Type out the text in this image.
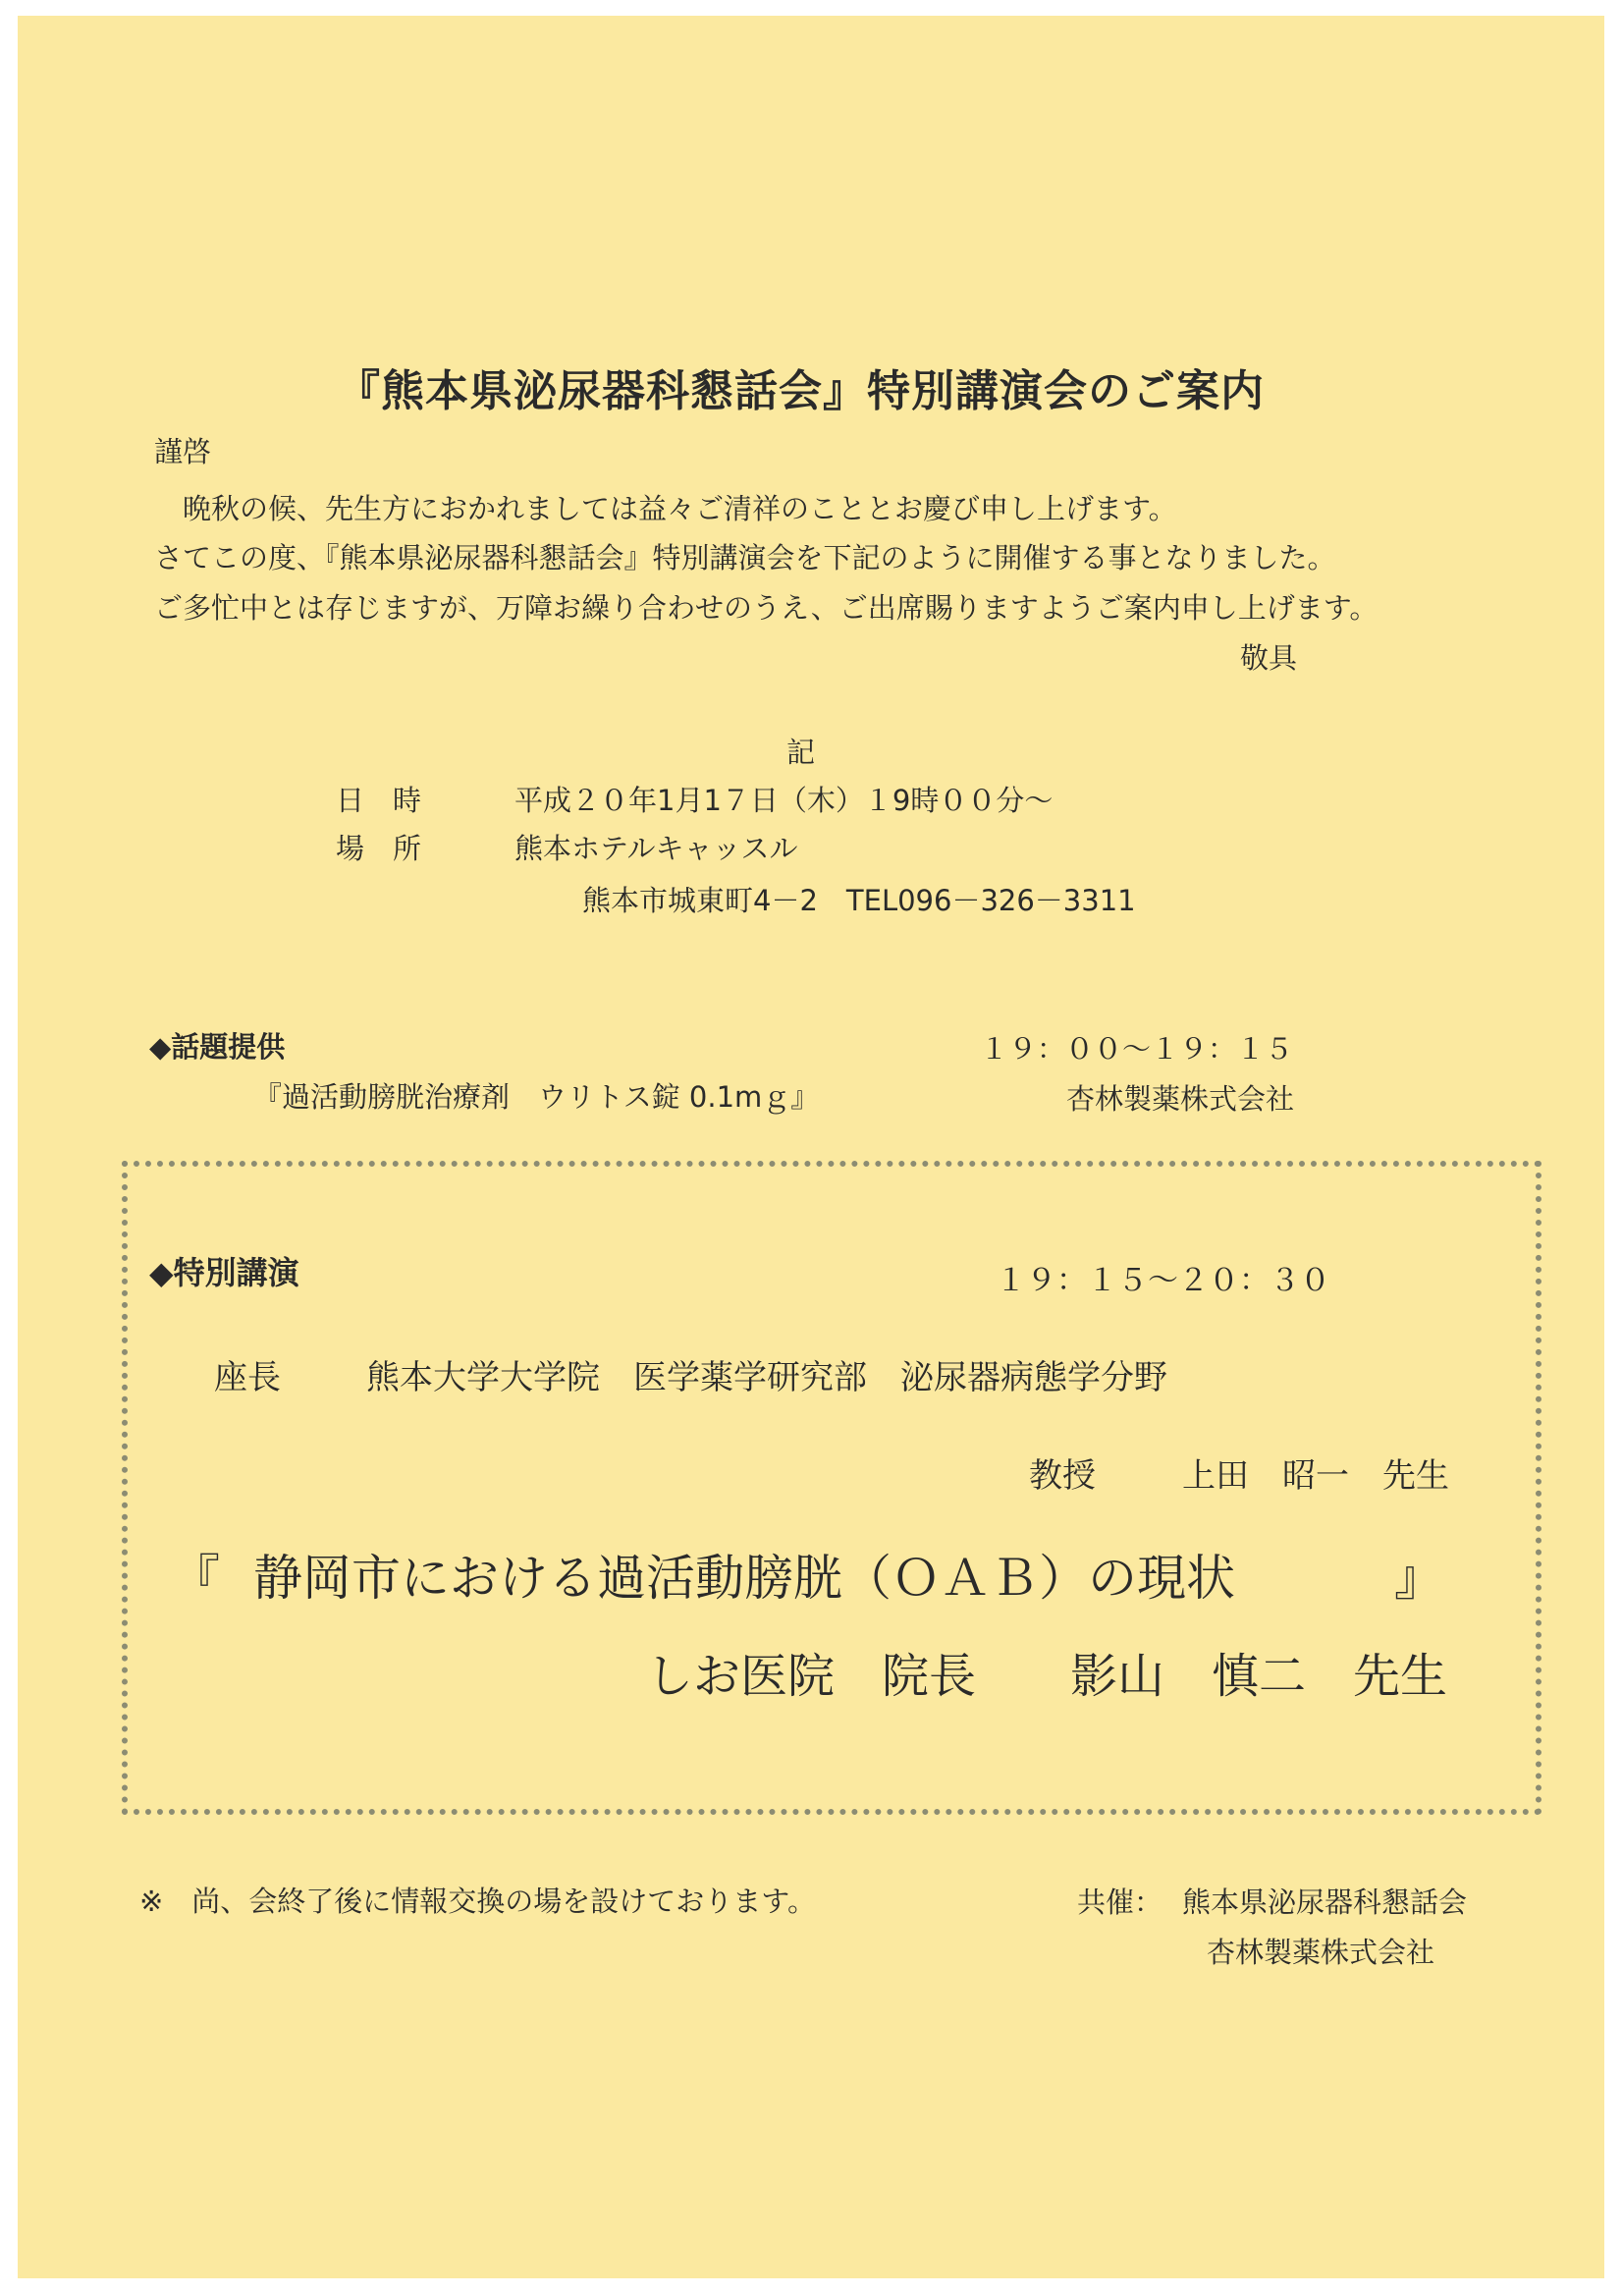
『熊本県泌尿器科懇話会』特別講演会のご案内
謹啓
晩秋の候、先生方におかれましては益々ご清祥のこととお慶び申し上げます。
さてこの度、『熊本県泌尿器科懇話会』特別講演会を下記のように開催する事となりました。
ご多忙中とは存じますが、万障お繰り合わせのうえ、ご出席賜りますようご案内申し上げます。
敬具
記
日　時	平成２０年1月1７日（木）１9時００分～
場　所	熊本ホテルキャッスル
熊本市城東町4－2　TEL096－326－3311
◆話題提供	１９：００～１９：１５
『過活動膀胱治療剤　ウリトス錠 0.1mｇ』	杏林製薬株式会社
◆特別講演	１９：１５～２０：３０
座長	熊本大学大学院　医学薬学研究部　泌尿器病態学分野
教授	上田　昭一　先生
『 静岡市における過活動膀胱（ＯＡＢ）の現状	』
しお医院　院長　　影山　慎二　先生
※　尚、会終了後に情報交換の場を設けております。	共催： 熊本県泌尿器科懇話会
杏林製薬株式会社
